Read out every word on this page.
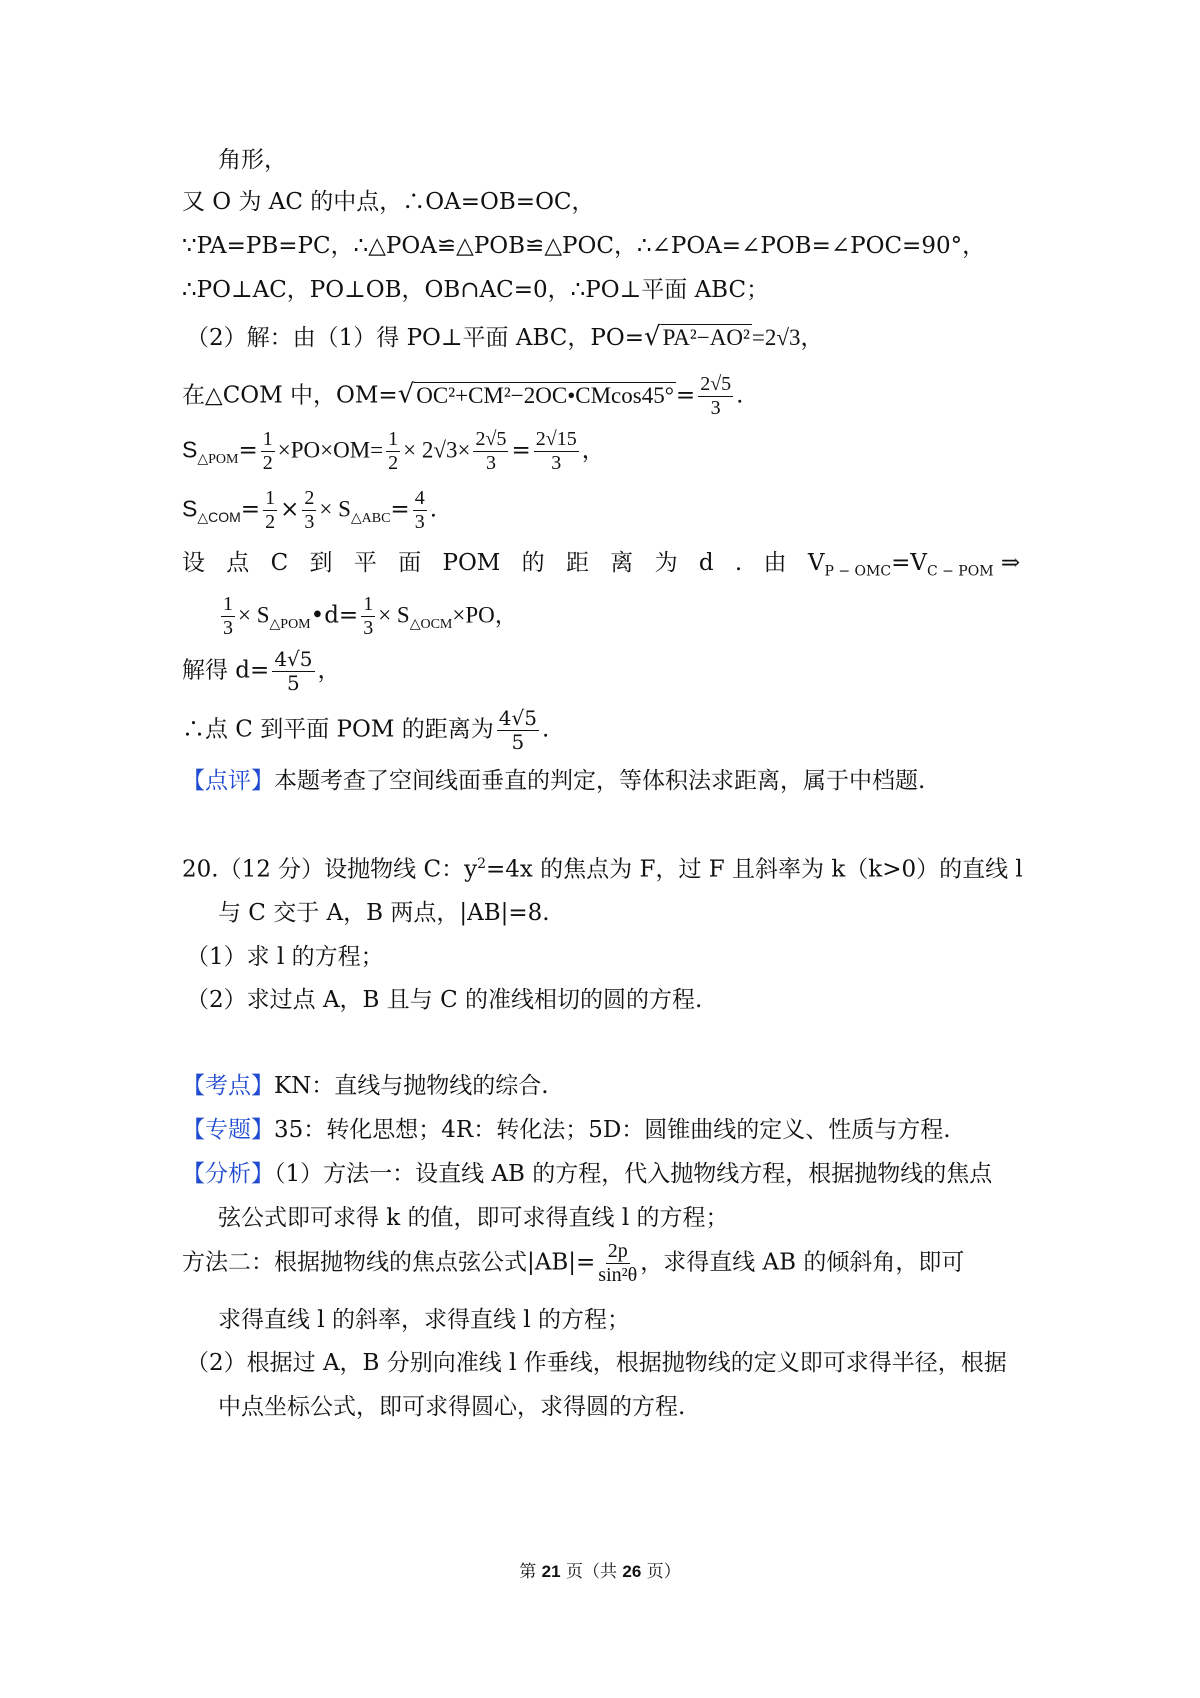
角形，
又 O 为 AC 的中点，∴OA=OB=OC，
∵PA=PB=PC，∴△POA≌△POB≌△POC，∴∠POA=∠POB=∠POC=90°，
∴PO⊥AC，PO⊥OB，OB∩AC=0，∴PO⊥平面 ABC；
（2）解：由（1）得 PO⊥平面 ABC，PO=√PA²−AO²=2√3，
在△COM 中，OM=√OC²+CM²−2OC•CMcos45°= $\frac{2√5}{3}$ .
$S_{\triangle POM}= \frac{1}{2} \times PO\times OM= \frac{1}{2} \times 2√3\times \frac{2√5}{3} = \frac{2√15}{3}$ ，
$S_{\triangle COM}= \frac{1}{2} \times \frac{2}{3} \times S_{\triangle ABC}= \frac{4}{3}$ .
设 点 C 到 平 面 POM 的 距 离 为 d . 由 $V_{P - OMC}=V_{C - POM}$ ⇒
$\frac{1}{3}$ × $S_{\triangle POM}•d= \frac{1}{3} \times S_{\triangle OCM}\times PO$，
解得 $d= \frac{4√5}{5}$ ，
∴点 C 到平面 POM 的距离为 $\frac{4√5}{5}$ .
【点评】本题考查了空间线面垂直的判定，等体积法求距离，属于中档题.
20.（12 分）设抛物线 C：$y^2=4x$ 的焦点为 F，过 F 且斜率为 k（k>0）的直线 l
与 C 交于 A，B 两点，|AB|=8.
（1）求 l 的方程；
（2）求过点 A，B 且与 C 的准线相切的圆的方程.
【考点】KN：直线与抛物线的综合.
【专题】35：转化思想；4R：转化法；5D：圆锥曲线的定义、性质与方程.
【分析】（1）方法一：设直线 AB 的方程，代入抛物线方程，根据抛物线的焦点
弦公式即可求得 k 的值，即可求得直线 l 的方程；
方法二：根据抛物线的焦点弦公式$|AB|= \frac{2p}{\text{sin²θ}}$ ，求得直线 AB 的倾斜角，即可
求得直线 l 的斜率，求得直线 l 的方程；
（2）根据过 A，B 分别向准线 l 作垂线，根据抛物线的定义即可求得半径，根据
中点坐标公式，即可求得圆心，求得圆的方程.
第 21 页（共 26 页）
